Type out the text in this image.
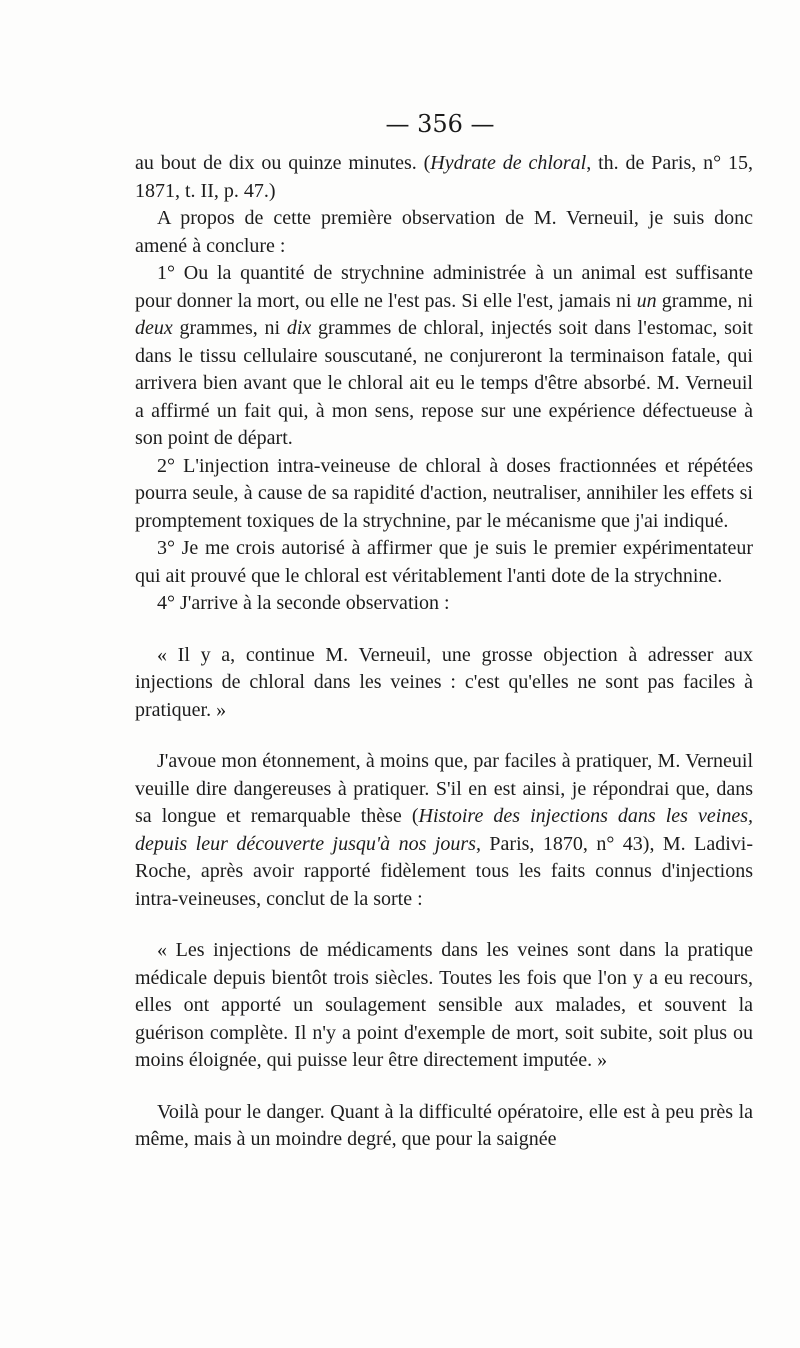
— 356 —

au bout de dix ou quinze minutes. (Hydrate de chloral, th. de Paris, n° 15, 1871, t. II, p. 47.)

A propos de cette première observation de M. Verneuil, je suis donc amené à conclure :

1° Ou la quantité de strychnine administrée à un animal est suffisante pour donner la mort, ou elle ne l'est pas. Si elle l'est, jamais ni un gramme, ni deux grammes, ni dix grammes de chloral, injectés soit dans l'estomac, soit dans le tissu cellulaire souscutané, ne conjureront la terminaison fatale, qui arrivera bien avant que le chloral ait eu le temps d'être absorbé. M. Verneuil a affirmé un fait qui, à mon sens, repose sur une expérience défectueuse à son point de départ.

2° L'injection intra-veineuse de chloral à doses fractionnées et répétées pourra seule, à cause de sa rapidité d'action, neutraliser, annihiler les effets si promptement toxiques de la strychnine, par le mécanisme que j'ai indiqué.

3° Je me crois autorisé à affirmer que je suis le premier expérimentateur qui ait prouvé que le chloral est véritablement l'anti dote de la strychnine.

4° J'arrive à la seconde observation :

« Il y a, continue M. Verneuil, une grosse objection à adresser aux injections de chloral dans les veines : c'est qu'elles ne sont pas faciles à pratiquer. »

J'avoue mon étonnement, à moins que, par faciles à pratiquer, M. Verneuil veuille dire dangereuses à pratiquer. S'il en est ainsi, je répondrai que, dans sa longue et remarquable thèse (Histoire des injections dans les veines, depuis leur découverte jusqu'à nos jours, Paris, 1870, n° 43), M. Ladivi-Roche, après avoir rapporté fidèlement tous les faits connus d'injections intra-veineuses, conclut de la sorte :

« Les injections de médicaments dans les veines sont dans la pratique médicale depuis bientôt trois siècles. Toutes les fois que l'on y a eu recours, elles ont apporté un soulagement sensible aux malades, et souvent la guérison complète. Il n'y a point d'exemple de mort, soit subite, soit plus ou moins éloignée, qui puisse leur être directement imputée. »

Voilà pour le danger. Quant à la difficulté opératoire, elle est à peu près la même, mais à un moindre degré, que pour la saignée
